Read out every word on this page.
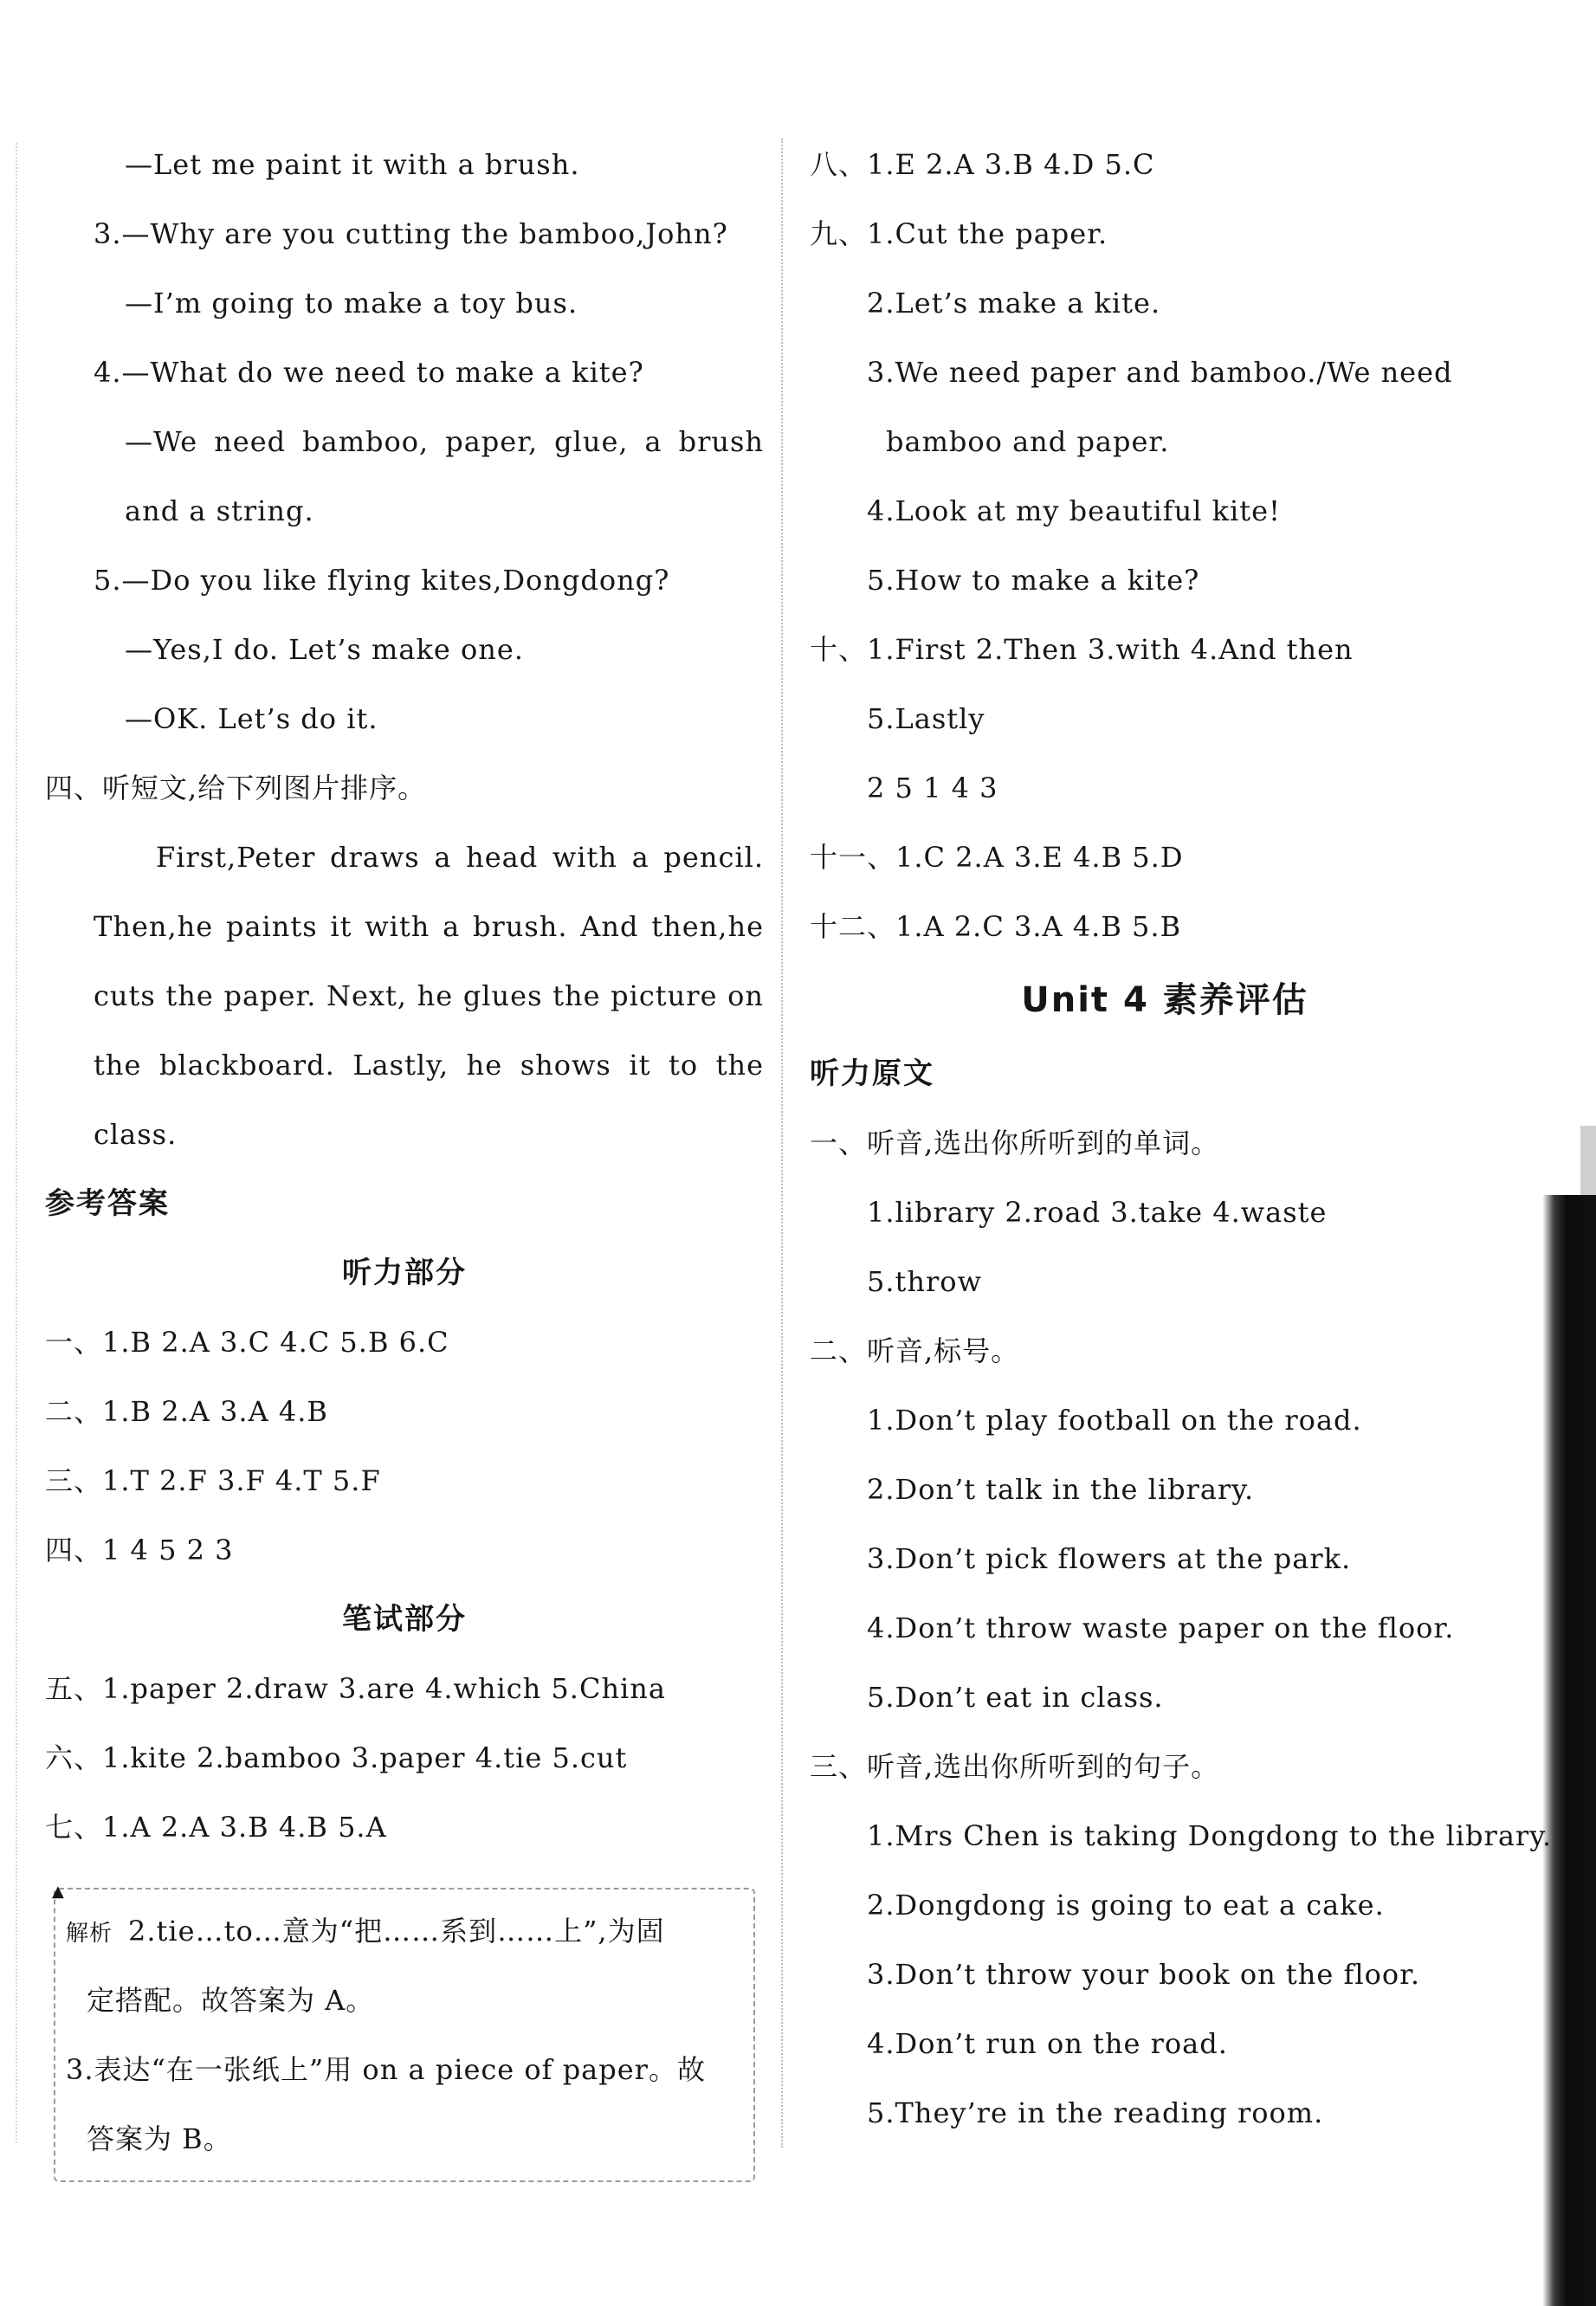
—Let me paint it with a brush.
3.—Why are you cutting the bamboo,John?
—I’m going to make a toy bus.
4.—What do we need to make a kite?
—We need bamboo, paper, glue, a brush
and a string.
5.—Do you like flying kites,Dongdong?
—Yes,I do. Let’s make one.
—OK. Let’s do it.
四、听短文,给下列图片排序。
First,Peter draws a head with a pencil.
Then,he paints it with a brush. And then,he
cuts the paper. Next, he glues the picture on
the blackboard. Lastly, he shows it to the
class.
参考答案
听力部分
一、1.B 2.A 3.C 4.C 5.B 6.C
二、1.B 2.A 3.A 4.B
三、1.T 2.F 3.F 4.T 5.F
四、1 4 5 2 3
笔试部分
五、1.paper 2.draw 3.are 4.which 5.China
六、1.kite 2.bamboo 3.paper 4.tie 5.cut
七、1.A 2.A 3.B 4.B 5.A
▲
解析 2.tie…to…意为“把……系到……上”,为固
定搭配。故答案为 A。
3.表达“在一张纸上”用 on a piece of paper。故
答案为 B。
八、1.E 2.A 3.B 4.D 5.C
九、1.Cut the paper.
2.Let’s make a kite.
3.We need paper and bamboo./We need
bamboo and paper.
4.Look at my beautiful kite!
5.How to make a kite?
十、1.First 2.Then 3.with 4.And then
5.Lastly
2 5 1 4 3
十一、1.C 2.A 3.E 4.B 5.D
十二、1.A 2.C 3.A 4.B 5.B
Unit 4 素养评估
听力原文
一、听音,选出你所听到的单词。
1.library 2.road 3.take 4.waste
5.throw
二、听音,标号。
1.Don’t play football on the road.
2.Don’t talk in the library.
3.Don’t pick flowers at the park.
4.Don’t throw waste paper on the floor.
5.Don’t eat in class.
三、听音,选出你所听到的句子。
1.Mrs Chen is taking Dongdong to the library.
2.Dongdong is going to eat a cake.
3.Don’t throw your book on the floor.
4.Don’t run on the road.
5.They’re in the reading room.
